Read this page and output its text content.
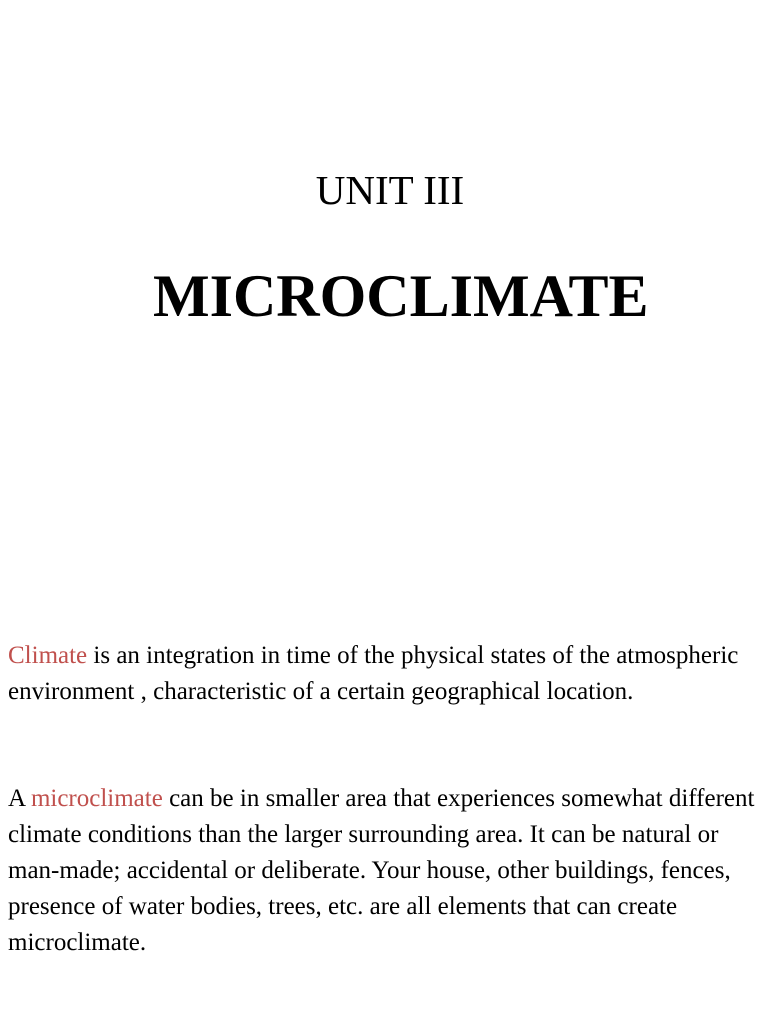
UNIT III
MICROCLIMATE

Climate is an integration in time of the physical states of the atmospheric environment , characteristic of a certain geographical location.

A microclimate can be in smaller area that experiences somewhat different climate conditions than the larger surrounding area. It can be natural or man-made; accidental or deliberate. Your house, other buildings, fences, presence of water bodies, trees, etc. are all elements that can create microclimate.
